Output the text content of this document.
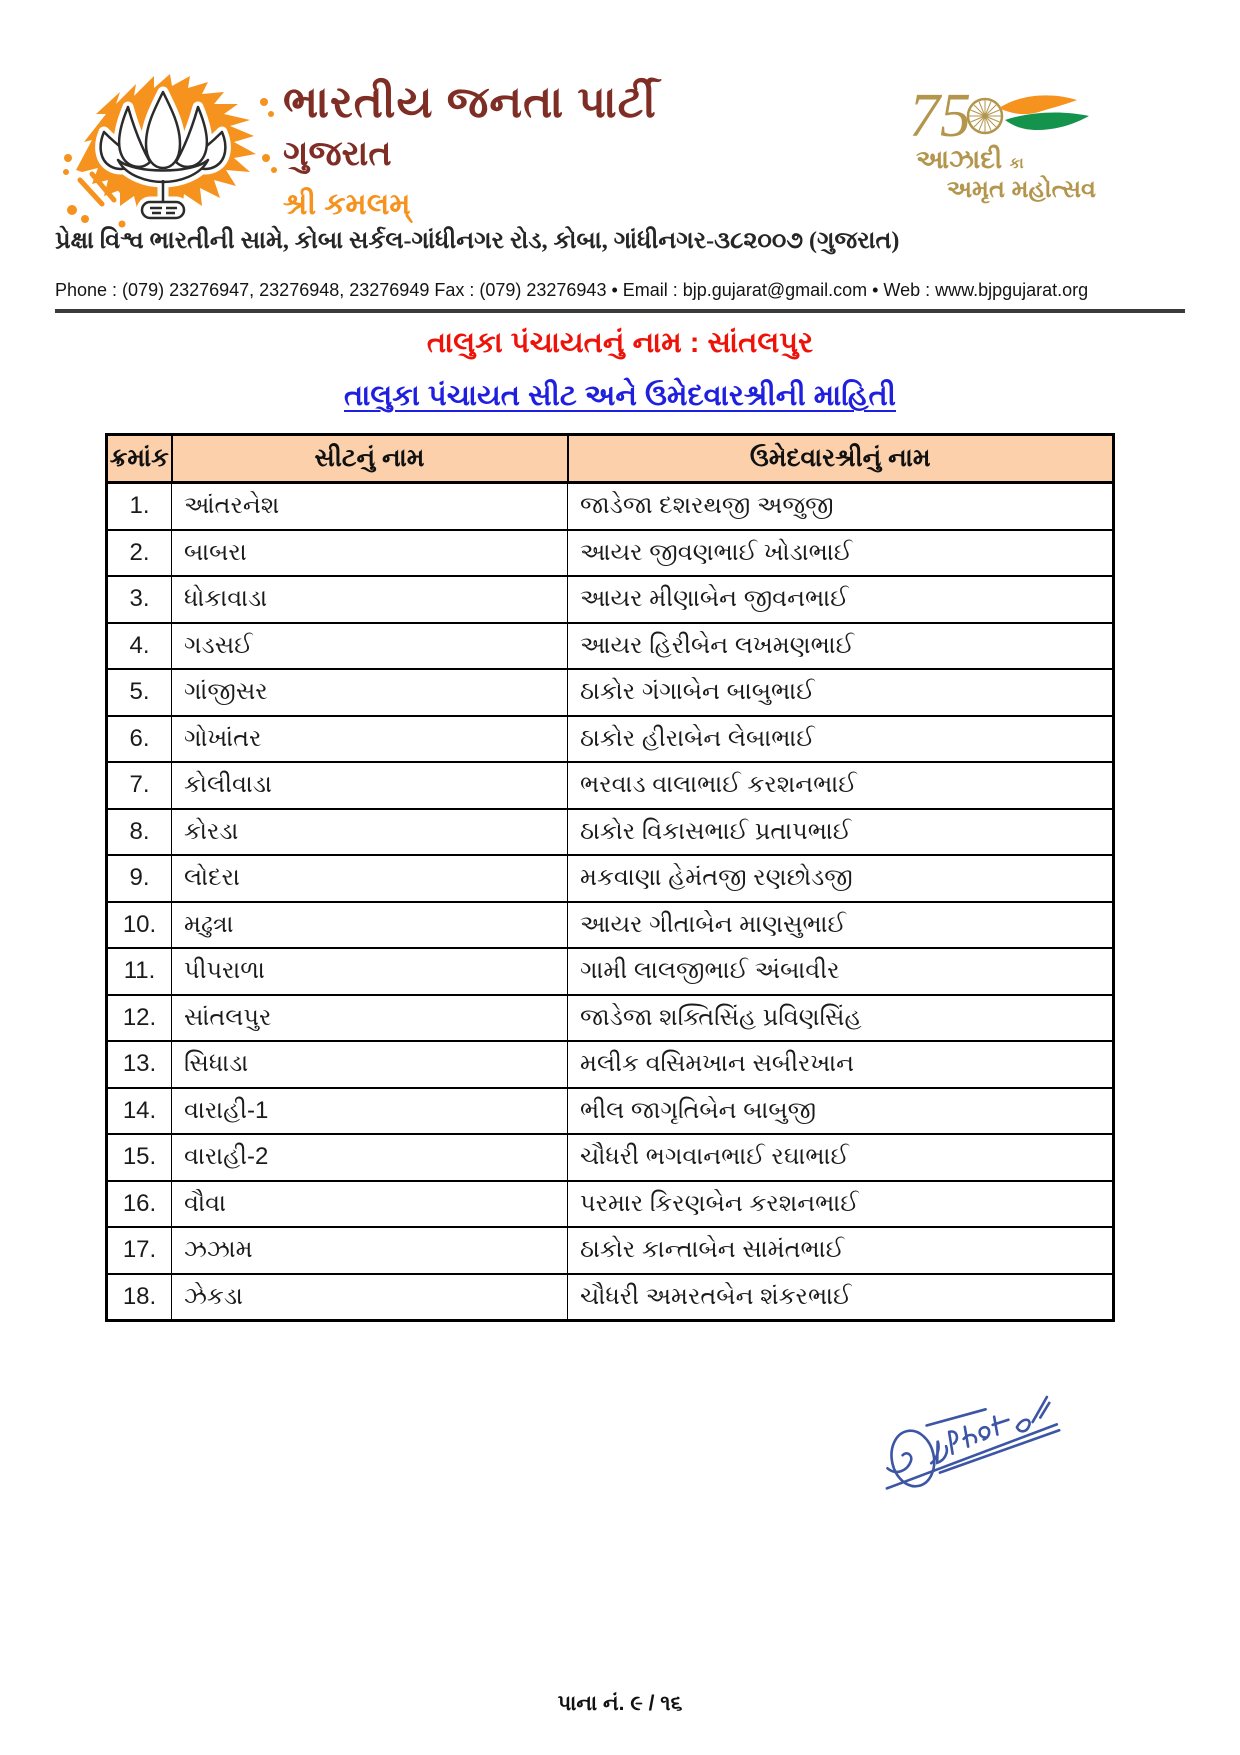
ભારતીય જનતા પાર્ટી
ગુજરાત
શ્રી કમલમ્
75
આઝાદી કા
અમૃત મહોત્સવ
પ્રેક્ષા વિશ્વ ભારતીની સામે, કોબા સર્કલ-ગાંધીનગર રોડ, કોબા, ગાંધીનગર-૩૮૨૦૦૭ (ગુજરાત)
Phone : (079) 23276947, 23276948, 23276949 Fax : (079) 23276943 • Email : bjp.gujarat@gmail.com • Web : www.bjpgujarat.org
તાલુકા પંચાયતનું નામ : સાંતલપુર
તાલુકા પંચાયત સીટ અને ઉમેદવારશ્રીની માહિતી
ક્રમાંક	સીટનું નામ	ઉમેદવારશ્રીનું નામ
1.	આંતરનેશ	જાડેજા દશરથજી અજુજી
2.	બાબરા	આયર જીવણભાઈ ખોડાભાઈ
3.	ધોકાવાડા	આયર મીણાબેન જીવનભાઈ
4.	ગડસઈ	આયર હિરીબેન લખમણભાઈ
5.	ગાંજીસર	ઠાકોર ગંગાબેન બાબુભાઈ
6.	ગોખાંતર	ઠાકોર હીરાબેન લેબાભાઈ
7.	કોલીવાડા	ભરવાડ વાલાભાઈ કરશનભાઈ
8.	કોરડા	ઠાકોર વિકાસભાઈ પ્રતાપભાઈ
9.	લોદરા	મકવાણા હેમંતજી રણછોડજી
10.	મઢુત્રા	આયર ગીતાબેન માણસુભાઈ
11.	પીપરાળા	ગામી લાલજીભાઈ અંબાવીર
12.	સાંતલપુર	જાડેજા શક્તિસિંહ પ્રવિણસિંહ
13.	સિધાડા	મલીક વસિમખાન સબીરખાન
14.	વારાહી-1	ભીલ જાગૃતિબેન બાબુજી
15.	વારાહી-2	ચૌધરી ભગવાનભાઈ રઘાભાઈ
16.	વૌવા	પરમાર કિરણબેન કરશનભાઈ
17.	ઝઝામ	ઠાકોર કાન્તાબેન સામંતભાઈ
18.	ઝેકડા	ચૌધરી અમરતબેન શંકરભાઈ
પાના નં. ૯ / ૧૬
